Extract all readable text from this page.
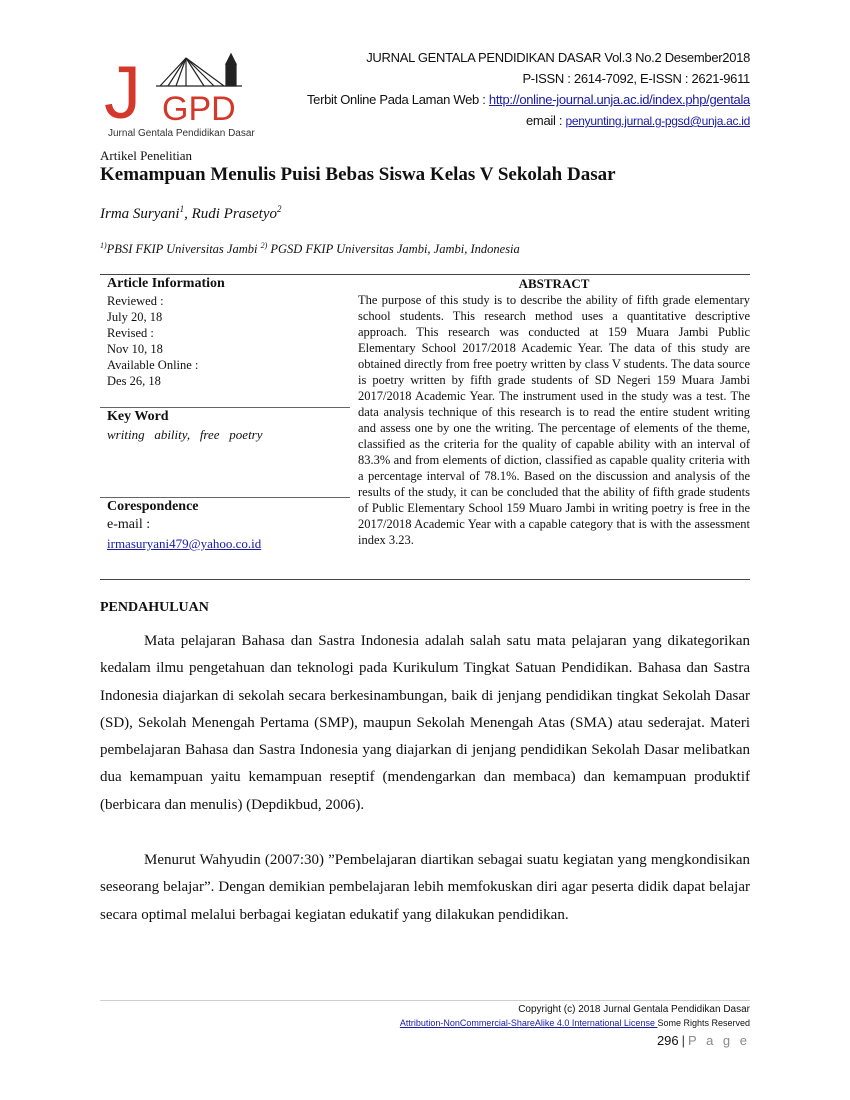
J GPD
Jurnal Gentala Pendidikan Dasar
JURNAL GENTALA PENDIDIKAN DASAR Vol.3 No.2 Desember2018
P-ISSN : 2614-7092, E-ISSN : 2621-9611
Terbit Online Pada Laman Web : http://online-journal.unja.ac.id/index.php/gentala
email : penyunting.jurnal.g-pgsd@unja.ac.id
Artikel Penelitian
Kemampuan Menulis Puisi Bebas Siswa Kelas V Sekolah Dasar
Irma Suryani$^1$, Rudi Prasetyo$^2$
$^{1)}$PBSI FKIP Universitas Jambi $^{2)}$ PGSD FKIP Universitas Jambi, Jambi, Indonesia
Article Information
Reviewed :
July 20, 18
Revised :
Nov 10, 18
Available Online :
Des 26, 18
Key Word
writing   ability,   free   poetry
Corespondence
e-mail :
irmasuryani479@yahoo.co.id
ABSTRACT
The purpose of this study is to describe the ability of fifth grade elementary school students. This research method uses a quantitative descriptive approach. This research was conducted at 159 Muara Jambi Public Elementary School 2017/2018 Academic Year. The data of this study are obtained directly from free poetry written by class V students. The data source is poetry written by fifth grade students of SD Negeri 159 Muara Jambi 2017/2018 Academic Year. The instrument used in the study was a test. The data analysis technique of this research is to read the entire student writing and assess one by one the writing. The percentage of elements of the theme, classified as the criteria for the quality of capable ability with an interval of 83.3% and from elements of diction, classified as capable quality criteria with a percentage interval of 78.1%. Based on the discussion and analysis of the results of the study, it can be concluded that the ability of fifth grade students of Public Elementary School 159 Muaro Jambi in writing poetry is free in the 2017/2018 Academic Year with a capable category that is with the assessment index 3.23.
PENDAHULUAN
Mata pelajaran Bahasa dan Sastra Indonesia adalah salah satu mata pelajaran yang dikategorikan kedalam ilmu pengetahuan dan teknologi pada Kurikulum Tingkat Satuan Pendidikan. Bahasa dan Sastra Indonesia diajarkan di sekolah secara berkesinambungan, baik di jenjang pendidikan tingkat Sekolah Dasar (SD), Sekolah Menengah Pertama (SMP), maupun Sekolah Menengah Atas (SMA) atau sederajat. Materi pembelajaran Bahasa dan Sastra Indonesia yang diajarkan di jenjang pendidikan Sekolah Dasar melibatkan dua kemampuan yaitu kemampuan reseptif (mendengarkan dan membaca) dan kemampuan produktif (berbicara dan menulis) (Depdikbud, 2006).
Menurut Wahyudin (2007:30) ”Pembelajaran diartikan sebagai suatu kegiatan yang mengkondisikan seseorang belajar”. Dengan demikian pembelajaran lebih memfokuskan diri agar peserta didik dapat belajar secara optimal melalui berbagai kegiatan edukatif yang dilakukan pendidikan.
Copyright (c) 2018 Jurnal Gentala Pendidikan Dasar
Attribution-NonCommercial-ShareAlike 4.0 International License Some Rights Reserved
296 | P a g e
